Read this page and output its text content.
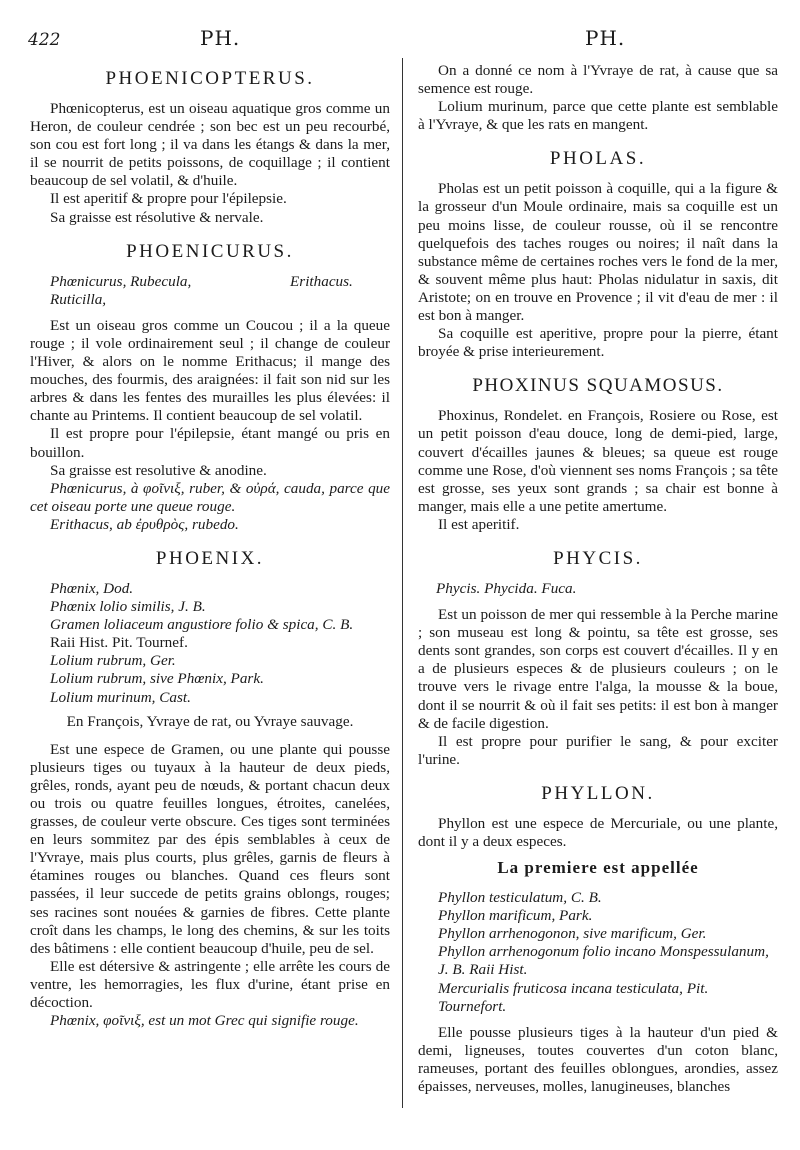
422	PH.	PH.
PHOENICOPTERUS.

Phœnicopterus, est un oiseau aquatique gros comme un Heron, de couleur cendrée ; son bec est un peu recourbé, son cou est fort long ; il va dans les étangs & dans la mer, il se nourrit de petits poissons, de coquillage ; il contient beaucoup de sel volatil, & d'huile.

Il est aperitif & propre pour l'épilepsie.

Sa graisse est résolutive & nervale.

PHOENICURUS.
Phœnicurus, Rubecula,	Erithacus.
Ruticilla,

Est un oiseau gros comme un Coucou ; il a la queue rouge ; il vole ordinairement seul ; il change de couleur l'Hiver, & alors on le nomme Erithacus; il mange des mouches, des fourmis, des araignées: il fait son nid sur les arbres & dans les fentes des murailles les plus élevées: il chante au Printems. Il contient beaucoup de sel volatil.

Il est propre pour l'épilepsie, étant mangé ou pris en bouillon.

Sa graisse est resolutive & anodine.

Phœnicurus, à φοῖνιξ, ruber, & οὐρά, cauda, parce que cet oiseau porte une queue rouge.

Erithacus, ab ἐρυθρὸς, rubedo.

PHOENIX.
Phœnix, Dod.
Phœnix lolio similis, J. B.
Gramen loliaceum angustiore folio & spica, C. B.
Raii Hist. Pit. Tournef.
Lolium rubrum, Ger.
Lolium rubrum, sive Phœnix, Park.
Lolium murinum, Cast.
En François, Yvraye de rat, ou Yvraye sauvage.

Est une espece de Gramen, ou une plante qui pousse plusieurs tiges ou tuyaux à la hauteur de deux pieds, grêles, ronds, ayant peu de nœuds, & portant chacun deux ou trois ou quatre feuilles longues, étroites, canelées, grasses, de couleur verte obscure. Ces tiges sont terminées en leurs sommitez par des épis semblables à ceux de l'Yvraye, mais plus courts, plus grêles, garnis de fleurs à étamines rouges ou blanches. Quand ces fleurs sont passées, il leur succede de petits grains oblongs, rouges; ses racines sont nouées & garnies de fibres. Cette plante croît dans les champs, le long des chemins, & sur les toits des bâtimens : elle contient beaucoup d'huile, peu de sel.

Elle est détersive & astringente ; elle arrête les cours de ventre, les hemorragies, les flux d'urine, étant prise en décoction.

Phœnix, φοῖνιξ, est un mot Grec qui signifie rouge.

On a donné ce nom à l'Yvraye de rat, à cause que sa semence est rouge.

Lolium murinum, parce que cette plante est semblable à l'Yvraye, & que les rats en mangent.

PHOLAS.

Pholas est un petit poisson à coquille, qui a la figure & la grosseur d'un Moule ordinaire, mais sa coquille est un peu moins lisse, de couleur rousse, où il se rencontre quelquefois des taches rouges ou noires; il naît dans la substance même de certaines roches vers le fond de la mer, & souvent même plus haut: Pholas nidulatur in saxis, dit Aristote; on en trouve en Provence ; il vit d'eau de mer : il est bon à manger.

Sa coquille est aperitive, propre pour la pierre, étant broyée & prise interieurement.

PHOXINUS SQUAMOSUS.

Phoxinus, Rondelet. en François, Rosiere ou Rose, est un petit poisson d'eau douce, long de demi-pied, large, couvert d'écailles jaunes & bleues; sa queue est rouge comme une Rose, d'où viennent ses noms François ; sa tête est grosse, ses yeux sont grands ; sa chair est bonne à manger, mais elle a une petite amertume.

Il est aperitif.

PHYCIS.
Phycis. Phycida. Fuca.

Est un poisson de mer qui ressemble à la Perche marine ; son museau est long & pointu, sa tête est grosse, ses dents sont grandes, son corps est couvert d'écailles. Il y en a de plusieurs especes & de plusieurs couleurs ; on le trouve vers le rivage entre l'alga, la mousse & la boue, dont il se nourrit & où il fait ses petits: il est bon à manger & de facile digestion.

Il est propre pour purifier le sang, & pour exciter l'urine.

PHYLLON.

Phyllon est une espece de Mercuriale, ou une plante, dont il y a deux especes.

La premiere est appellée
Phyllon testiculatum, C. B.
Phyllon marificum, Park.
Phyllon arrhenogonon, sive marificum, Ger.
Phyllon arrhenogonum folio incano Monspessulanum, J. B. Raii Hist.
Mercurialis fruticosa incana testiculata, Pit. Tournefort.

Elle pousse plusieurs tiges à la hauteur d'un pied & demi, ligneuses, toutes couvertes d'un coton blanc, rameuses, portant des feuilles oblongues, arondies, assez épaisses, nerveuses, molles, lanugineuses, blanches
